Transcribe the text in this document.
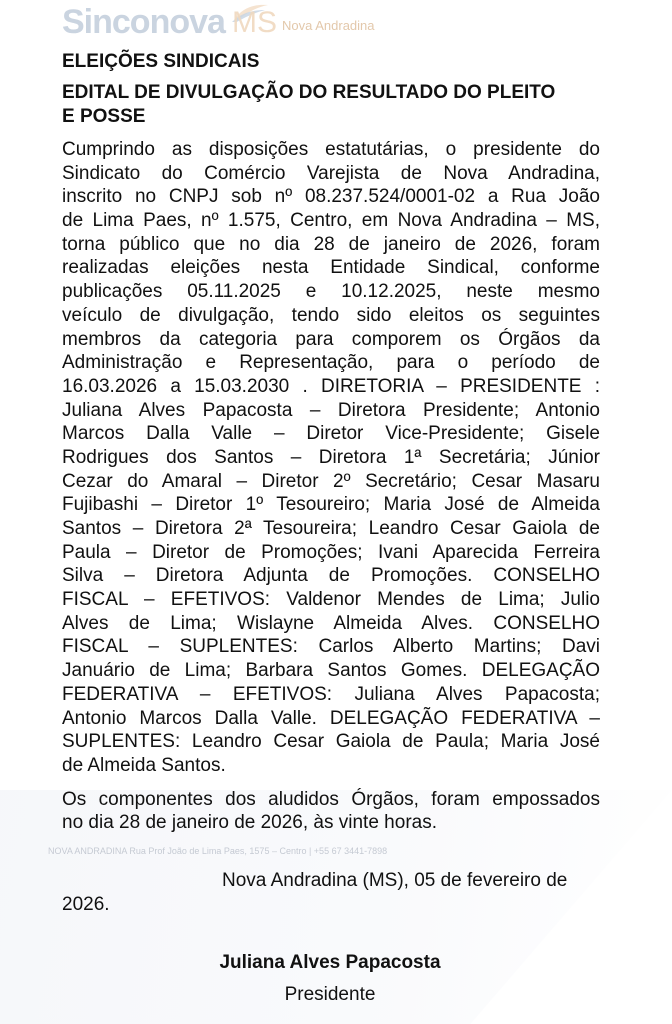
Sinconova MS Nova Andradina
NOVA ANDRADINA Rua Prof João de Lima Paes, 1575 – Centro | +55 67 3441-7898
ELEIÇÕES SINDICAIS
EDITAL DE DIVULGAÇÃO DO RESULTADO DO PLEITO
E POSSE
Cumprindo as disposições estatutárias, o presidente do
Sindicato do Comércio Varejista de Nova Andradina,
inscrito no CNPJ sob nº 08.237.524/0001-02 a Rua João
de Lima Paes, nº 1.575, Centro, em Nova Andradina – MS,
torna público que no dia 28 de janeiro de 2026, foram
realizadas eleições nesta Entidade Sindical, conforme
publicações 05.11.2025 e 10.12.2025, neste mesmo
veículo de divulgação, tendo sido eleitos os seguintes
membros da categoria para comporem os Órgãos da
Administração e Representação, para o período de
16.03.2026 a 15.03.2030 . DIRETORIA – PRESIDENTE :
Juliana Alves Papacosta – Diretora Presidente; Antonio
Marcos Dalla Valle – Diretor Vice-Presidente; Gisele
Rodrigues dos Santos – Diretora 1ª Secretária; Júnior
Cezar do Amaral – Diretor 2º Secretário; Cesar Masaru
Fujibashi – Diretor 1º Tesoureiro; Maria José de Almeida
Santos – Diretora 2ª Tesoureira; Leandro Cesar Gaiola de
Paula – Diretor de Promoções; Ivani Aparecida Ferreira
Silva – Diretora Adjunta de Promoções. CONSELHO
FISCAL – EFETIVOS: Valdenor Mendes de Lima; Julio
Alves de Lima; Wislayne Almeida Alves. CONSELHO
FISCAL – SUPLENTES: Carlos Alberto Martins; Davi
Januário de Lima; Barbara Santos Gomes. DELEGAÇÃO
FEDERATIVA – EFETIVOS: Juliana Alves Papacosta;
Antonio Marcos Dalla Valle. DELEGAÇÃO FEDERATIVA –
SUPLENTES: Leandro Cesar Gaiola de Paula; Maria José
de Almeida Santos.
Os componentes dos aludidos Órgãos, foram empossados
no dia 28 de janeiro de 2026, às vinte horas.
Nova Andradina (MS), 05 de fevereiro de
2026.
Juliana Alves Papacosta
Presidente
